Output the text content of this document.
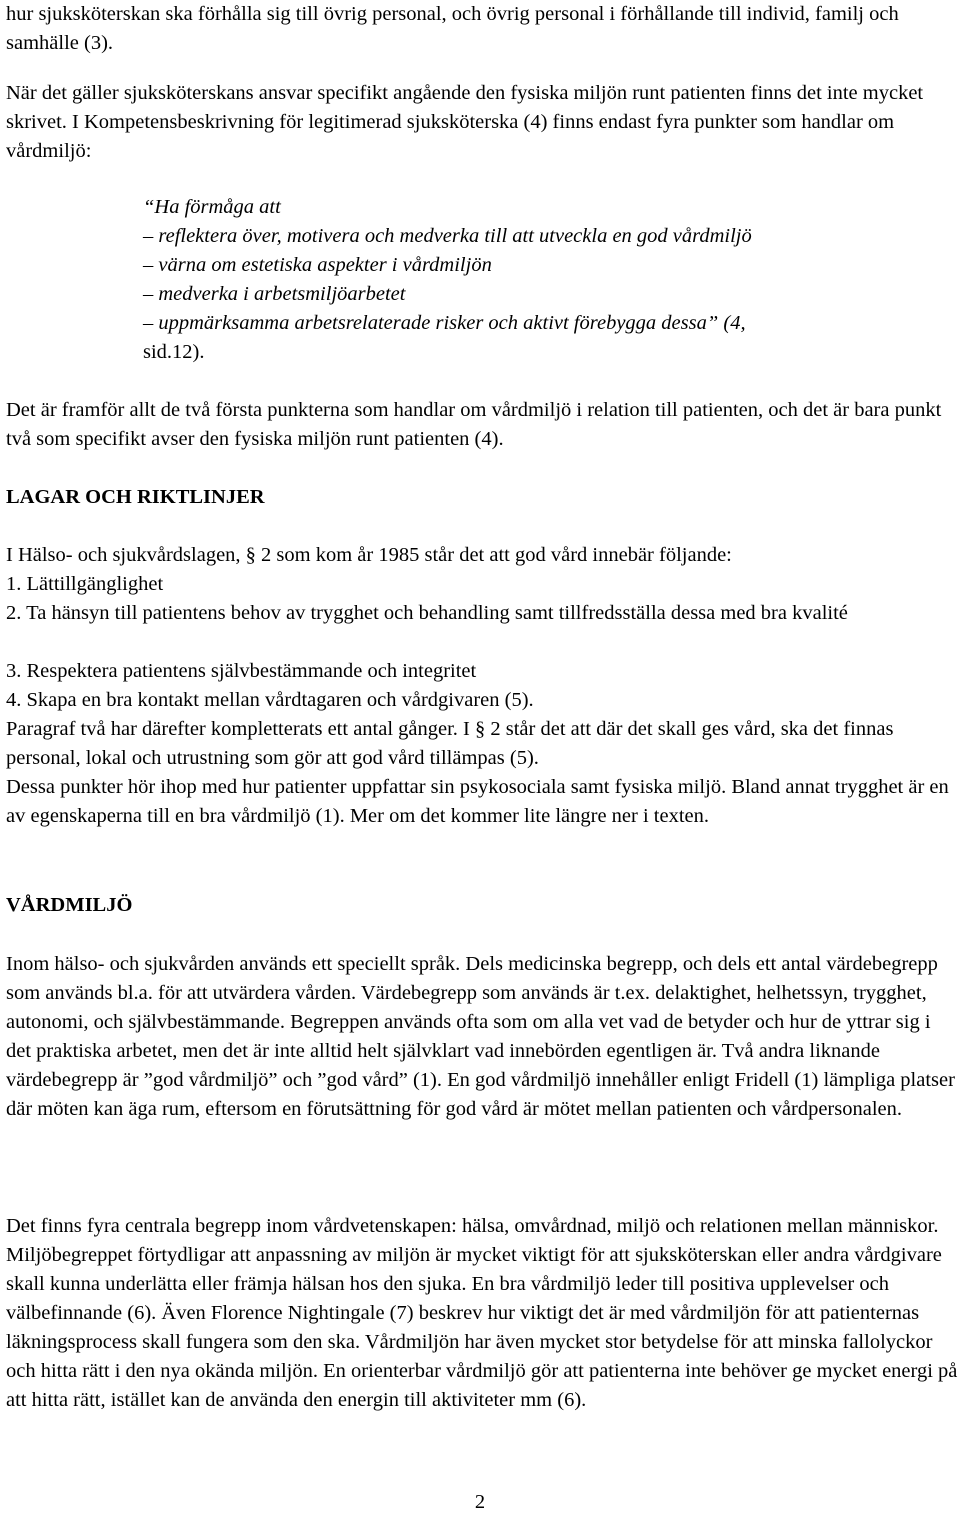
hur sjuksköterskan ska förhålla sig till övrig personal, och övrig personal i förhållande till individ, familj och samhälle (3).

När det gäller sjuksköterskans ansvar specifikt angående den fysiska miljön runt patienten finns det inte mycket skrivet. I Kompetensbeskrivning för legitimerad sjuksköterska (4) finns endast fyra punkter som handlar om vårdmiljö:

“Ha förmåga att
– reflektera över, motivera och medverka till att utveckla en god vårdmiljö
– värna om estetiska aspekter i vårdmiljön
– medverka i arbetsmiljöarbetet
– uppmärksamma arbetsrelaterade risker och aktivt förebygga dessa” (4,
sid.12).

Det är framför allt de två första punkterna som handlar om vårdmiljö i relation till patienten, och det är bara punkt två som specifikt avser den fysiska miljön runt patienten (4).

LAGAR OCH RIKTLINJER

I Hälso- och sjukvårdslagen, § 2 som kom år 1985 står det att god vård innebär följande:

1. Lättillgänglighet

2. Ta hänsyn till patientens behov av trygghet och behandling samt tillfredsställa dessa med bra kvalité

3. Respektera patientens självbestämmande och integritet

4. Skapa en bra kontakt mellan vårdtagaren och vårdgivaren (5).

Paragraf två har därefter kompletterats ett antal gånger. I § 2 står det att där det skall ges vård, ska det finnas personal, lokal och utrustning som gör att god vård tillämpas (5).

Dessa punkter hör ihop med hur patienter uppfattar sin psykosociala samt fysiska miljö. Bland annat trygghet är en av egenskaperna till en bra vårdmiljö (1). Mer om det kommer lite längre ner i texten.

VÅRDMILJÖ

Inom hälso- och sjukvården används ett speciellt språk. Dels medicinska begrepp, och dels ett antal värdebegrepp som används bl.a. för att utvärdera vården. Värdebegrepp som används är t.ex. delaktighet, helhetssyn, trygghet, autonomi, och självbestämmande. Begreppen används ofta som om alla vet vad de betyder och hur de yttrar sig i det praktiska arbetet, men det är inte alltid helt självklart vad innebörden egentligen är. Två andra liknande värdebegrepp är ”god vårdmiljö” och ”god vård” (1). En god vårdmiljö innehåller enligt Fridell (1) lämpliga platser där möten kan äga rum, eftersom en förutsättning för god vård är mötet mellan patienten och vårdpersonalen.

Det finns fyra centrala begrepp inom vårdvetenskapen: hälsa, omvårdnad, miljö och relationen mellan människor. Miljöbegreppet förtydligar att anpassning av miljön är mycket viktigt för att sjuksköterskan eller andra vårdgivare skall kunna underlätta eller främja hälsan hos den sjuka. En bra vårdmiljö leder till positiva upplevelser och välbefinnande (6). Även Florence Nightingale (7) beskrev hur viktigt det är med vårdmiljön för att patienternas läkningsprocess skall fungera som den ska. Vårdmiljön har även mycket stor betydelse för att minska fallolyckor och hitta rätt i den nya okända miljön. En orienterbar vårdmiljö gör att patienterna inte behöver ge mycket energi på att hitta rätt, istället kan de använda den energin till aktiviteter mm (6).

2
